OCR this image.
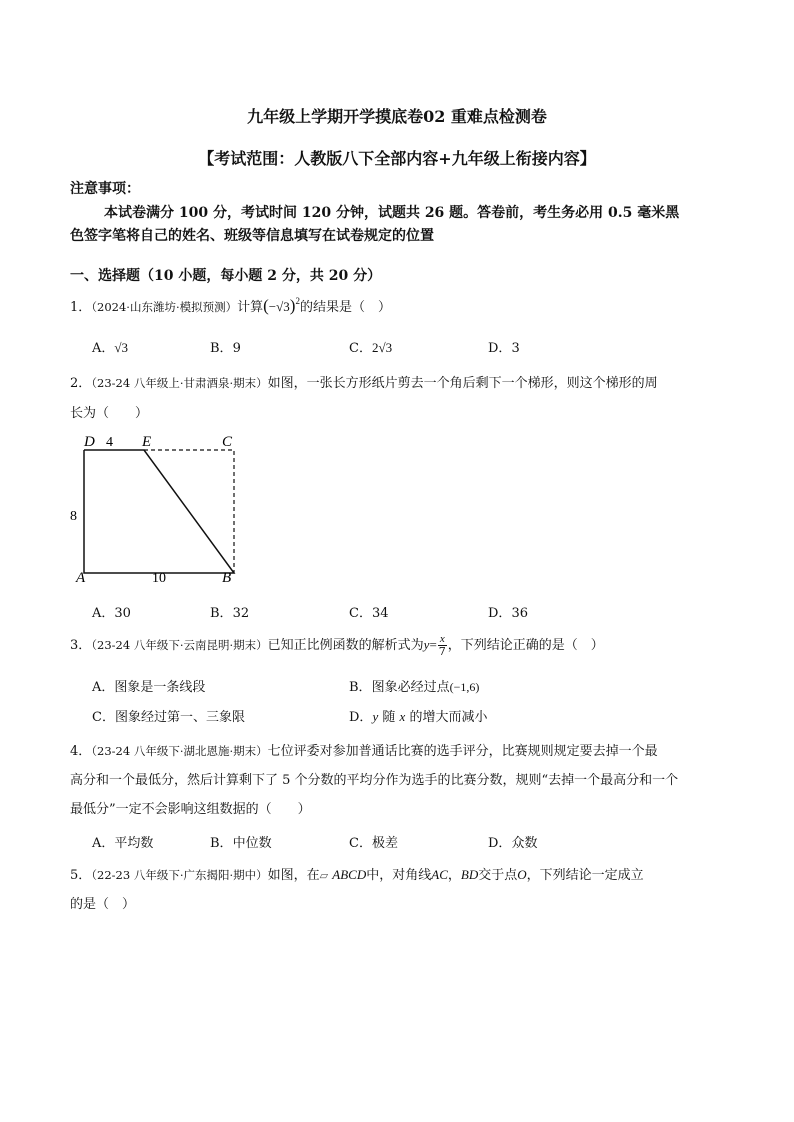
九年级上学期开学摸底卷02 重难点检测卷
【考试范围：人教版八下全部内容+九年级上衔接内容】
注意事项：
本试卷满分 100 分，考试时间 120 分钟，试题共 26 题。答卷前，考生务必用 0.5 毫米黑
色签字笔将自己的姓名、班级等信息填写在试卷规定的位置
一、选择题（10 小题，每小题 2 分，共 20 分）
1．（2024·山东潍坊·模拟预测）计算$(-√3)^2$的结果是（　）
A．√3	B．9	C．2√3	D．3
2．（23-24 八年级上·甘肃酒泉·期末）如图，一张长方形纸片剪去一个角后剩下一个梯形，则这个梯形的周
长为（　　）
D 4 E	C
8
A	10	B
A．30	B．32	C．34	D．36
3．（23-24 八年级下·云南昆明·期末）已知正比例函数的解析式为$y= \frac{x}{7}$ ，下列结论正确的是（　）
A．图象是一条线段	B．图象必经过点(−1,6)
C．图象经过第一、三象限	D．y 随 x 的增大而减小
4．（23-24 八年级下·湖北恩施·期末）七位评委对参加普通话比赛的选手评分，比赛规则规定要去掉一个最
高分和一个最低分，然后计算剩下了 5 个分数的平均分作为选手的比赛分数，规则“去掉一个最高分和一个
最低分”一定不会影响这组数据的（　　）
A．平均数	B．中位数	C．极差	D．众数
5．（22-23 八年级下·广东揭阳·期中）如图，在▱ ABCD中，对角线AC，BD交于点O，下列结论一定成立
的是（　）
